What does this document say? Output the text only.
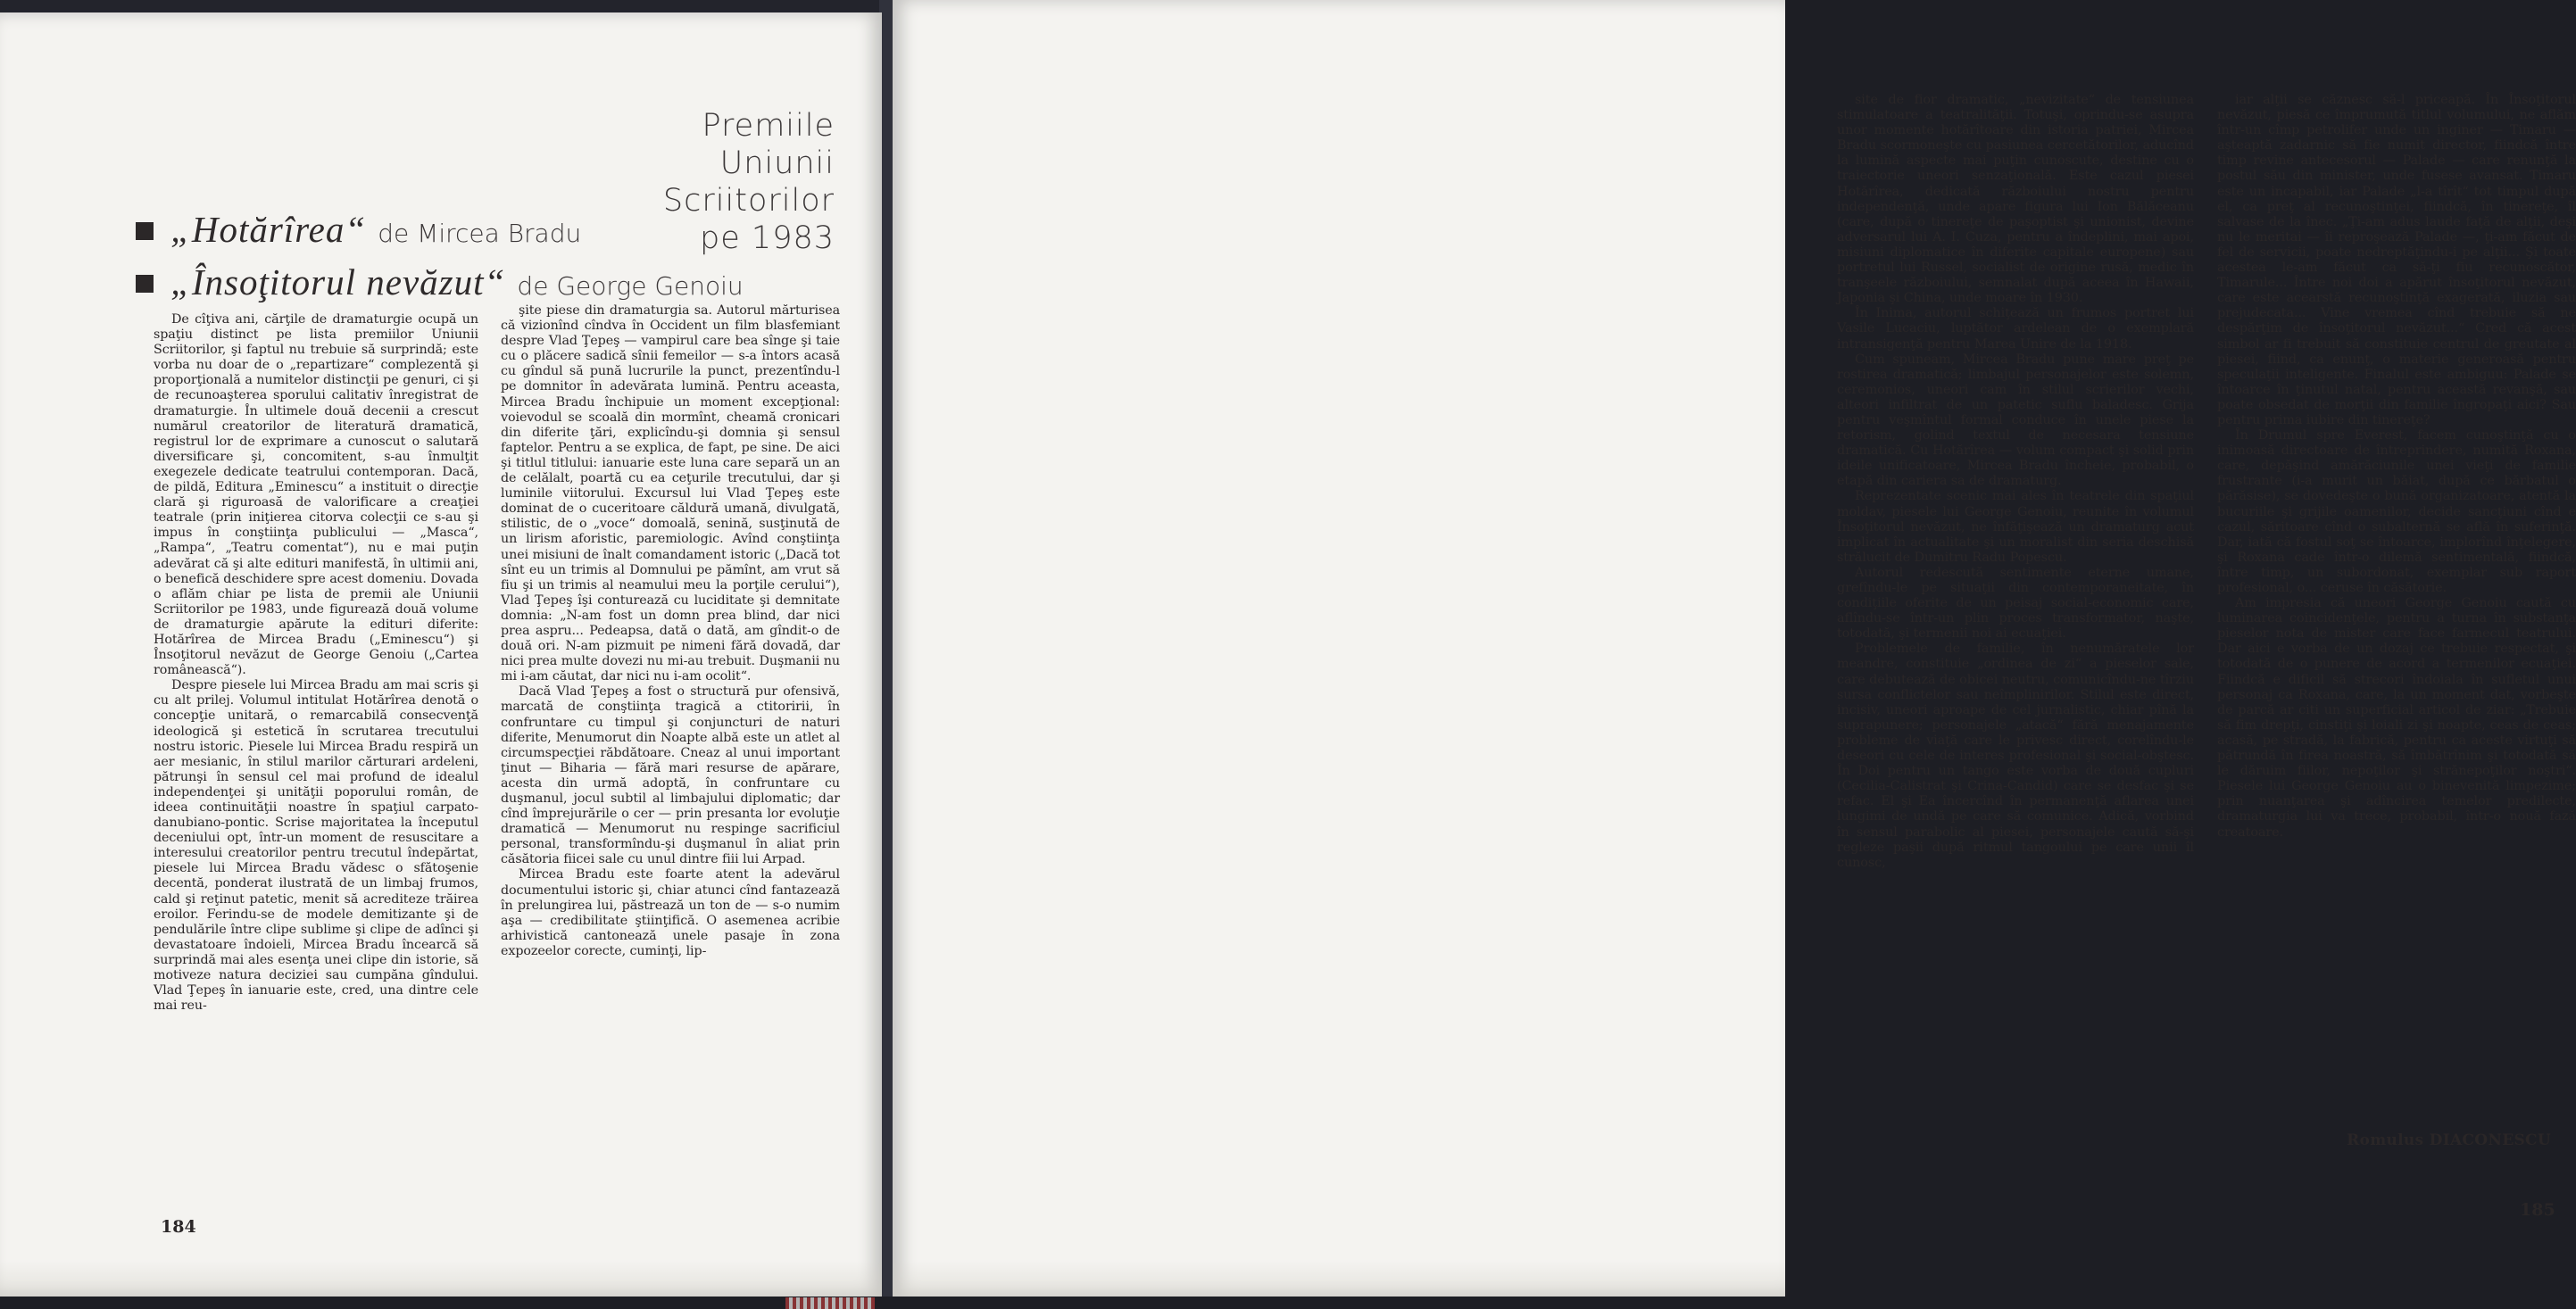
Premiile
Uniunii Scriitorilor
pe 1983
„Hotărîrea“ de Mircea Bradu
„Însoţitorul nevăzut“ de George Genoiu

De cîţiva ani, cărţile de dramaturgie ocupă un spaţiu distinct pe lista premiilor Uniunii Scriitorilor, şi faptul nu trebuie să surprindă; este vorba nu doar de o „repartizare“ complezentă şi proporţională a numitelor distincţii pe genuri, ci şi de recunoaşterea sporului calitativ înregistrat de dramaturgie. În ultimele două decenii a crescut numărul creatorilor de literatură dramatică, registrul lor de exprimare a cunoscut o salutară diversificare şi, concomitent, s-au înmulţit exegezele dedicate teatrului contemporan. Dacă, de pildă, Editura „Eminescu“ a instituit o direcţie clară şi riguroasă de valorificare a creaţiei teatrale (prin iniţierea citorva colecţii ce s-au şi impus în conştiinţa publicului — „Masca“, „Rampa“, „Teatru comentat“), nu e mai puţin adevărat că şi alte edituri manifestă, în ultimii ani, o benefică deschidere spre acest domeniu. Dovada o aflăm chiar pe lista de premii ale Uniunii Scriitorilor pe 1983, unde figurează două volume de dramaturgie apărute la edituri diferite: Hotărîrea de Mircea Bradu („Eminescu“) şi Însoţitorul nevăzut de George Genoiu („Cartea românească“).

Despre piesele lui Mircea Bradu am mai scris şi cu alt prilej. Volumul intitulat Hotărîrea denotă o concepţie unitară, o remarcabilă consecvenţă ideologică şi estetică în scrutarea trecutului nostru istoric. Piesele lui Mircea Bradu respiră un aer mesianic, în stilul marilor cărturari ardeleni, pătrunşi în sensul cel mai profund de idealul independenţei şi unităţii poporului român, de ideea continuităţii noastre în spaţiul carpato-danubiano-pontic. Scrise majoritatea la începutul deceniului opt, într-un moment de resuscitare a interesului creatorilor pentru trecutul îndepărtat, piesele lui Mircea Bradu vădesc o sfătoşenie decentă, ponderat ilustrată de un limbaj frumos, cald şi reţinut patetic, menit să acrediteze trăirea eroilor. Ferindu-se de modele demitizante şi de pendulările între clipe sublime şi clipe de adînci şi devastatoare îndoieli, Mircea Bradu încearcă să surprindă mai ales esenţa unei clipe din istorie, să motiveze natura deciziei sau cumpăna gîndului. Vlad Ţepeş în ianuarie este, cred, una dintre cele mai reu-

şite piese din dramaturgia sa. Autorul mărturisea că vizionînd cîndva în Occident un film blasfemiant despre Vlad Ţepeş — vampirul care bea sînge şi taie cu o plăcere sadică sînii femeilor — s-a întors acasă cu gîndul să pună lucrurile la punct, prezentîndu-l pe domnitor în adevărata lumină. Pentru aceasta, Mircea Bradu închipuie un moment excepţional: voievodul se scoală din mormînt, cheamă cronicari din diferite ţări, explicîndu-şi domnia şi sensul faptelor. Pentru a se explica, de fapt, pe sine. De aici şi titlul titlului: ianuarie este luna care separă un an de celălalt, poartă cu ea ceţurile trecutului, dar şi luminile viitorului. Excursul lui Vlad Ţepeş este dominat de o cuceritoare căldură umană, divulgată, stilistic, de o „voce“ domoală, senină, susţinută de un lirism aforistic, paremiologic. Avînd conştiinţa unei misiuni de înalt comandament istoric („Dacă tot sînt eu un trimis al Domnului pe pămînt, am vrut să fiu şi un trimis al neamului meu la porţile cerului“), Vlad Ţepeş îşi conturează cu luciditate şi demnitate domnia: „N-am fost un domn prea blind, dar nici prea aspru... Pedeapsa, dată o dată, am gîndit-o de două ori. N-am pizmuit pe nimeni fără dovadă, dar nici prea multe dovezi nu mi-au trebuit. Duşmanii nu mi i-am căutat, dar nici nu i-am ocolit“.

Dacă Vlad Ţepeş a fost o structură pur ofensivă, marcată de conştiinţa tragică a ctitoririi, în confruntare cu timpul şi conjuncturi de naturi diferite, Menumorut din Noapte albă este un atlet al circumspecţiei răbdătoare. Cneaz al unui important ţinut — Biharia — fără mari resurse de apărare, acesta din urmă adoptă, în confruntare cu duşmanul, jocul subtil al limbajului diplomatic; dar cînd împrejurările o cer — prin presanta lor evoluţie dramatică — Menumorut nu respinge sacrificiul personal, transformîndu-şi duşmanul în aliat prin căsătoria fiicei sale cu unul dintre fiii lui Arpad.

Mircea Bradu este foarte atent la adevărul documentului istoric şi, chiar atunci cînd fantazează în prelungirea lui, păstrează un ton de — s-o numim aşa — credibilitate ştiinţifică. O asemenea acribie arhivistică cantonează unele pasaje în zona expozeelor corecte, cuminţi, lip-

184

site de fior dramatic, „nevizitate“ de tensiunea stimulatoare a teatralităţii. Totuşi, oprindu-se asupra unor momente hotărîtoare din istoria patriei, Mircea Bradu scormoneşte cu pasiunea cercetătorilor, aducînd la lumină aspecte mai puţin cunoscute, destine cu o traiectorie uneori senzaţională. Este cazul piesei Hotărîrea, dedicată războiului nostru pentru independenţă, unde apare figura lui Ion Bălăceanu (care, după o tinereţe de paşoptist şi unionist, devine adversarul lui A. I. Cuza, pentru a îndeplini, mai apoi, misiuni diplomatice în diferite capitale europene) sau portretul lui Russel, socialist de origine rusă, medic în tranşeele războiului, semnalat după aceea în Hawaii, Japonia şi China, unde moare în 1930.

În Inima, autorul schiţează un frumos portret lui Vasile Lucaciu, luptător ardelean de o exemplară intransigenţă pentru Marea Unire de la 1918.

Cum spuneam, Mircea Bradu pune mare preţ pe rostirea dramatică; limbajul personajelor este solemn, ceremonios, uneori cam în stilul scrierilor vechi, alteori infiltrat de un patetic suflu baladesc. Grija pentru veşmîntul formal conduce în unele piese la retorism, golind textul de necesara tensiune dramatică. Cu Hotărîrea — volum compact şi solid prin ideile unificatoare, Mircea Bradu încheie, probabil, o etapă din cariera sa de dramaturg.

Reprezentate scenic mai ales în teatrele din spaţiul moldav, piesele lui George Genoiu, reunite în volumul Însoţitorul nevăzut, ne înfăţişează un dramaturg acut implicat în actualitate şi un moralist din seria deschisă strălucit de Dumitru Radu Popescu.

Autorul redescută sentimente eterne umane, grefîndu-le pe situaţii din contemporaneitate, în condiţiile oferite de un peisaj social-economic care, aflîndu-se într-un plin proces transformator, naşte, totodată, şi termenii noi ai ecuaţiei.

Problemele de familie, în nenumăratele lor meandre, constituie „ordinea de zi“ a pieselor sale, care debutează de obicei neutru, comunicîndu-ne tîrziu sursa conflictelor sau neîmplinirilor. Stilul este direct, incisiv, uneori aproape de cel jurnalistic, chiar pînă la suprapunere; personajele „atacă“ fără menajamente probleme de viaţă care le privesc direct, corelîndu-le deseori cu cele de interes profesional şi social-obştesc. În Doi pentru un tango este vorba de două cupluri (Cecilia-Calistrat şi Crina-Candid) care se desfac şi se refac. El şi Ea încercînd în permanenţă aflarea unei lungimi de undă pe care să comunice. Adică, vorbind în sensul parabolic al piesei, personajele caută să-şi regleze paşii după ritmul tangoului pe care unii îl cunosc,

iar alţii se căznesc să-l priceapă. În Însoţitorul nevăzut, piesă ce împrumută titlul volumului, ne aflăm într-un cîmp petrolifer unde un inginer — Timaru — aşteaptă zadarnic să fie numit director, fiindcă între timp revine antecesorul — Palade — care renunţă la postul său din minister, unde fusese avansat. Timaru este un incapabil, iar Palade „l-a tîrît“ tot timpul după el, ca preţ al recunoştinţei, fiindcă, în tinereţe, îl salvase de la înec. „Ţi-am adus laude faţă de alţii, deşi nu le meritai — îi reproşează Palade —, ţi-am făcut de fel de servicii, poate nedreptăţindu-i pe alţii... Şi toate acestea le-am făcut ca să-ţi fiu recunoscător, Timarule... Între noi doi a apărut însoţitorul nevăzut, care este acearstă recunoştinţă exagerată, iluzia sau prejudecata... Vine vremea cînd trebuie să ne despărţim de însoţitorul nevăzut...“ Cred că acest simbol ar fi trebuit să constituie centrul de greutate al piesei, fiind, ca enunţ, o materie generoasă pentru speculaţii inteligente. Finalul este ambiguu: Palade se întoarce în ţinutul natal, pentru această revanşă, sau poate obsedat de morţii din familie îngropaţi aici? Sau pentru prima iubire din tinereţe?

În Drumul spre Everest, facem cunoştinţă cu o inimoasă directoare de întreprindere, numită Roxana, care, depăşind amărăciunile unei vieţi de familie frustrante (i-a murit un băiat, după ce bărbatul o părăsise), se dovedeşte o bună organizatoare, atentă la bucuriile şi grijile oamenilor, decide sancţiuni cînd e cazul, săritoare cînd o subalternă se află în suferinţă. Dar, iată că fostul soţ se întoarce, implorînd înţelegere, şi Roxana cade într-o dilemă sentimentală, fiindcă, între timp, un subordonat, exemplar sub raport profesional, o... ceruse în căsătorie.

Am impresia că uneori George Genoiu caută cu luminarea coincidenţele, pentru a turna în substanţa pieselor nota de mister care face farmecul teatrului. Dar aici e vorba de un dozaj ce trebuie respectat, şi totodată de o punere de acord a termenilor ecuaţiei. Fiindcă e dificil să strecori îndoiala în sufletul unui personaj ca Roxana, care, la un moment dat, vorbeşte de parcă ar citi un superficial articol de ziar: „Trebuie să fim drepţi, cinstiţi şi loiali zi şi noapte, ceas de ceas; acasă, pe stradă, la fabrică, pentru ca aceste virtuţi să pătrundă în firea noastră, să îmbătrînim şi totodată să le dăruim fiilor, nepoţilor şi strănepoţilor noştri“. Piesele lui George Genoiu au o binevenită limpezime; prin nuanţarea şi adîncirea temelor predilecte, dramaturgia lui va trece, probabil, într-o nouă fază creatoare.

Romulus DIACONESCU
185
